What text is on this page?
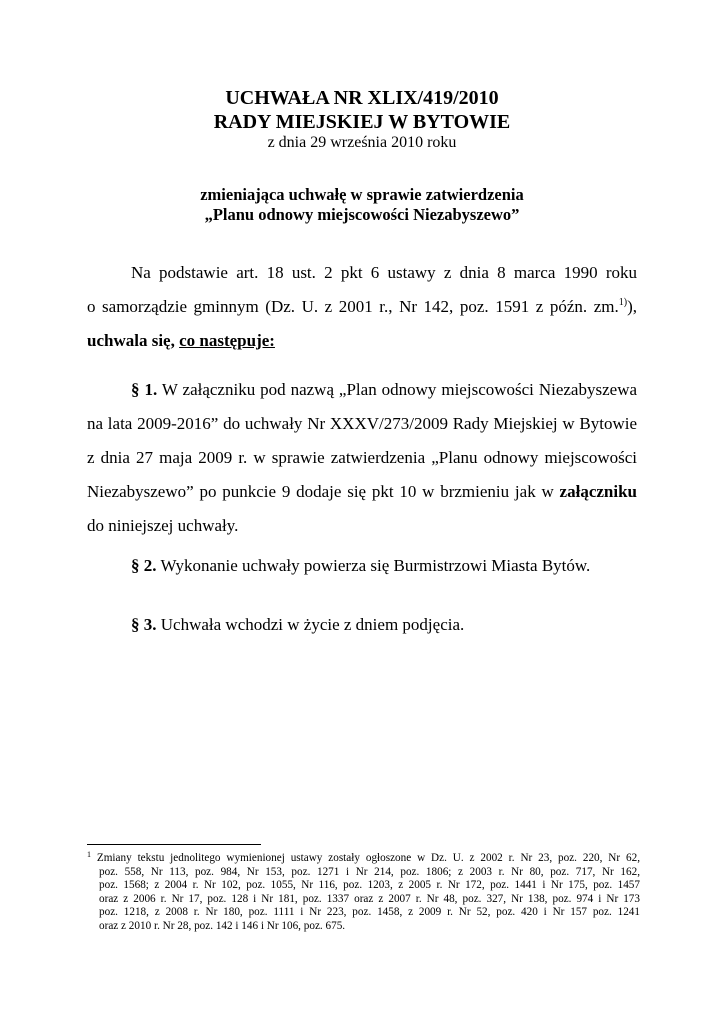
UCHWAŁA NR XLIX/419/2010
RADY MIEJSKIEJ W BYTOWIE
z dnia 29 września 2010 roku
zmieniająca uchwałę w sprawie zatwierdzenia
„Planu odnowy miejscowości Niezabyszewo”
Na podstawie art. 18 ust. 2 pkt 6 ustawy z dnia 8 marca 1990 roku
o samorządzie gminnym (Dz. U. z 2001 r., Nr 142, poz. 1591 z późn. zm.$^{1)}$),
uchwala się, co następuje:
§ 1. W załączniku pod nazwą „Plan odnowy miejscowości Niezabyszewa
na lata 2009-2016” do uchwały Nr XXXV/273/2009 Rady Miejskiej w Bytowie
z dnia 27 maja 2009 r. w sprawie zatwierdzenia „Planu odnowy miejscowości
Niezabyszewo” po punkcie 9 dodaje się pkt 10 w brzmieniu jak w załączniku
do niniejszej uchwały.
§ 2. Wykonanie uchwały powierza się Burmistrzowi Miasta Bytów.
§ 3. Uchwała wchodzi w życie z dniem podjęcia.
$^1$ Zmiany tekstu jednolitego wymienionej ustawy zostały ogłoszone w Dz. U. z 2002 r. Nr 23, poz. 220, Nr 62,
poz. 558, Nr 113, poz. 984, Nr 153, poz. 1271 i Nr 214, poz. 1806; z 2003 r. Nr 80, poz. 717, Nr 162,
poz. 1568; z 2004 r. Nr 102, poz. 1055, Nr 116, poz. 1203, z 2005 r. Nr 172, poz. 1441 i Nr 175, poz. 1457
oraz z 2006 r. Nr 17, poz. 128 i Nr 181, poz. 1337 oraz z 2007 r. Nr 48, poz. 327, Nr 138, poz. 974 i Nr 173
poz. 1218, z 2008 r. Nr 180, poz. 1111 i Nr 223, poz. 1458, z 2009 r. Nr 52, poz. 420 i Nr 157 poz. 1241
oraz z 2010 r. Nr 28, poz. 142 i 146 i Nr 106, poz. 675.
